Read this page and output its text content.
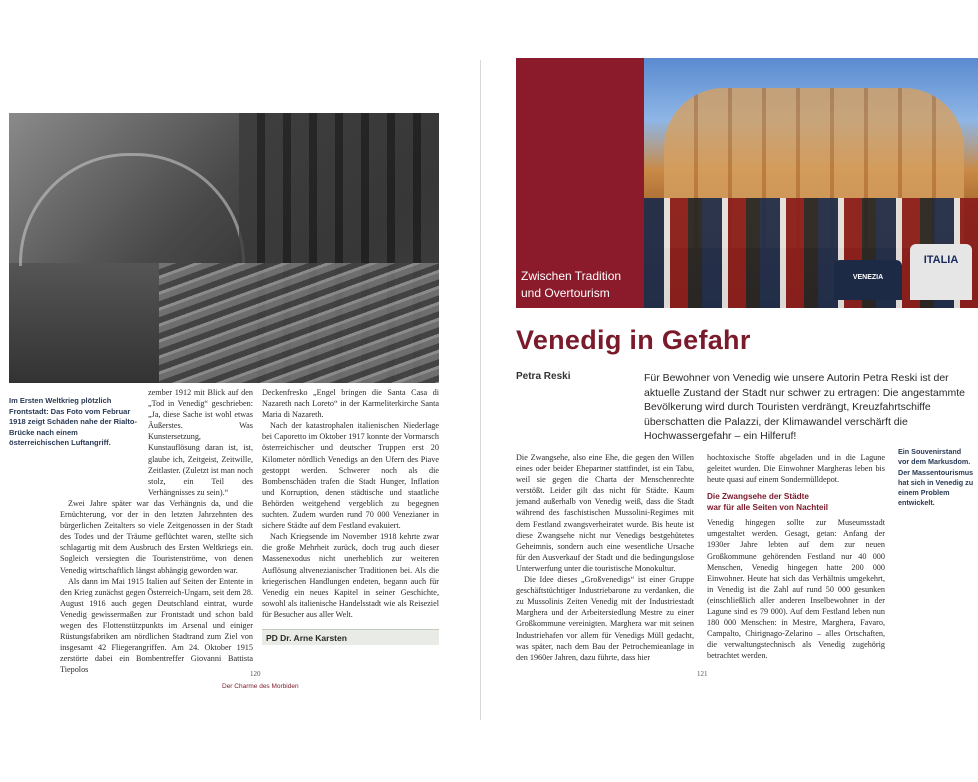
Im Ersten Weltkrieg plötzlich Frontstadt: Das Foto vom Februar 1918 zeigt Schäden nahe der Rialto-Brücke nach einem österreichischen Luftangriff.

zember 1912 mit Blick auf den „Tod in Venedig“ geschrieben: „Ja, diese Sache ist wohl etwas Äußerstes. Was Kunstersetzung, Kunstauflösung daran ist, ist, glaube ich, Zeitgeist, Zeitwille, Zeitlaster. (Zuletzt ist man noch stolz, ein Teil des Verhängnisses zu sein).“

Zwei Jahre später war das Verhängnis da, und die Ernüchterung, vor der in den letzten Jahrzehnten des bürgerlichen Zeitalters so viele Zeitgenossen in der Stadt des Todes und der Träume geflüchtet waren, stellte sich schlagartig mit dem Ausbruch des Ersten Weltkriegs ein. Sogleich versiegten die Touristenströme, von denen Venedig wirtschaftlich längst abhängig geworden war.

Als dann im Mai 1915 Italien auf Seiten der Entente in den Krieg zunächst gegen Österreich-Ungarn, seit dem 28. August 1916 auch gegen Deutschland eintrat, wurde Venedig gewissermaßen zur Frontstadt und schon bald wegen des Flottenstützpunkts im Arsenal und einiger Rüstungsfabriken am nördlichen Stadtrand zum Ziel von insgesamt 42 Fliegerangriffen. Am 24. Oktober 1915 zerstörte dabei ein Bombentreffer Giovanni Battista Tiepolos

Deckenfresko „Engel bringen die Santa Casa di Nazareth nach Loreto“ in der Karmeliterkirche Santa Maria di Nazareth.

Nach der katastrophalen italienischen Niederlage bei Caporetto im Oktober 1917 konnte der Vormarsch österreichischer und deutscher Truppen erst 20 Kilometer nördlich Venedigs an den Ufern des Piave gestoppt werden. Schwerer noch als die Bombenschäden trafen die Stadt Hunger, Inflation und Korruption, denen städtische und staatliche Behörden weitgehend vergeblich zu begegnen suchten. Zudem wurden rund 70 000 Venezianer in sichere Städte auf dem Festland evakuiert.

Nach Kriegsende im November 1918 kehrte zwar die große Mehrheit zurück, doch trug auch dieser Massenexodus nicht unerheblich zur weiteren Auflösung altvenezianischer Traditionen bei. Als die kriegerischen Handlungen endeten, begann auch für Venedig ein neues Kapitel in seiner Geschichte, sowohl als italienische Handelsstadt wie als Reiseziel für Besucher aus aller Welt.

PD Dr. Arne Karsten
120
Der Charme des Morbiden
Zwischen Tradition
und Overtourism
VENEZIA
ITALIA
Venedig in Gefahr
Petra Reski	Für Bewohner von Venedig wie unsere Autorin Petra Reski ist der aktuelle Zustand der Stadt nur schwer zu ertragen: Die angestammte Bevölkerung wird durch Touristen verdrängt, Kreuzfahrtschiffe überschatten die Palazzi, der Klimawandel verschärft die Hochwassergefahr – ein Hilferuf!

Die Zwangsehe, also eine Ehe, die gegen den Willen eines oder beider Ehepartner stattfindet, ist ein Tabu, weil sie gegen die Charta der Menschenrechte verstößt. Leider gilt das nicht für Städte. Kaum jemand außerhalb von Venedig weiß, dass die Stadt während des faschistischen Mussolini-Regimes mit dem Festland zwangsverheiratet wurde. Bis heute ist diese Zwangsehe nicht nur Venedigs bestgehütetes Geheimnis, sondern auch eine wesentliche Ursache für den Ausverkauf der Stadt und die bedingungslose Unterwerfung unter die touristische Monokultur.

Die Idee dieses „Großvenedigs“ ist einer Gruppe geschäftstüchtiger Industriebarone zu verdanken, die zu Mussolinis Zeiten Venedig mit der Industriestadt Marghera und der Arbeitersiedlung Mestre zu einer Großkommune vereinigten. Marghera war mit seinen Industriehafen vor allem für Venedigs Müll gedacht, was später, nach dem Bau der Petrochemieanlage in den 1960er Jahren, dazu führte, dass hier

hochtoxische Stoffe abgeladen und in die Lagune geleitet wurden. Die Einwohner Margheras leben bis heute quasi auf einem Sondermülldepot.

Die Zwangsehe der Städte
war für alle Seiten von Nachteil

Venedig hingegen sollte zur Museumsstadt umgestaltet werden. Gesagt, getan: Anfang der 1930er Jahre lebten auf dem zur neuen Großkommune gehörenden Festland nur 40 000 Menschen, Venedig hingegen hatte 200 000 Einwohner. Heute hat sich das Verhältnis umgekehrt, in Venedig ist die Zahl auf rund 50 000 gesunken (einschließlich aller anderen Inselbewohner in der Lagune sind es 79 000). Auf dem Festland leben nun 180 000 Menschen: in Mestre, Marghera, Favaro, Campalto, Chirignago-Zelarino – alles Ortschaften, die verwaltungstechnisch als Venedig zugehörig betrachtet werden.

Ein Souvenirstand vor dem Markusdom. Der Massentourismus hat sich in Venedig zu einem Problem entwickelt.
121
